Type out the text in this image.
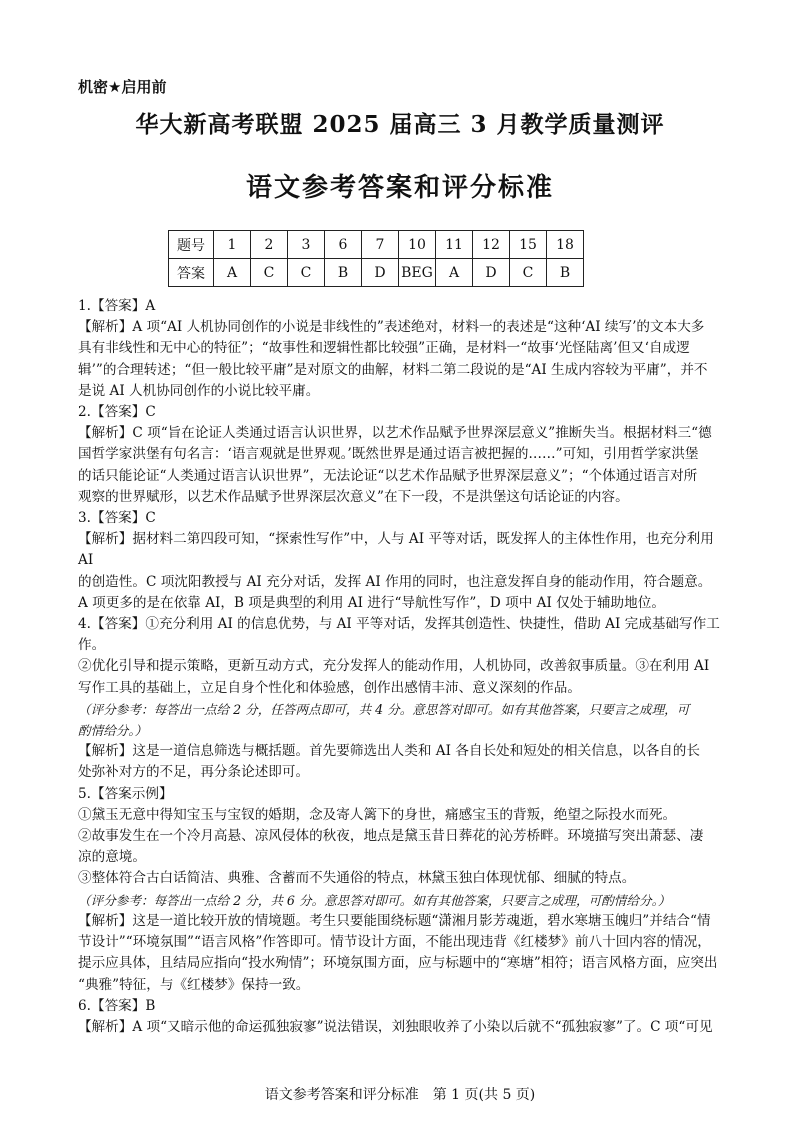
机密★启用前
华大新高考联盟 2025 届高三 3 月教学质量测评
语文参考答案和评分标准
题号	1	2	3	6	7	10	11	12	15	18
答案	A	C	C	B	D	BEG	A	D	C	B

1.【答案】A

【解析】A 项“AI 人机协同创作的小说是非线性的”表述绝对，材料一的表述是“这种‘AI 续写’的文本大多

具有非线性和无中心的特征”；“故事性和逻辑性都比较强”正确，是材料一“故事‘光怪陆离’但又‘自成逻

辑’”的合理转述；“但一般比较平庸”是对原文的曲解，材料二第二段说的是“AI 生成内容较为平庸”，并不

是说 AI 人机协同创作的小说比较平庸。

2.【答案】C

【解析】C 项“旨在论证人类通过语言认识世界，以艺术作品赋予世界深层意义”推断失当。根据材料三“德

国哲学家洪堡有句名言：‘语言观就是世界观。’既然世界是通过语言被把握的……”可知，引用哲学家洪堡

的话只能论证“人类通过语言认识世界”，无法论证“以艺术作品赋予世界深层意义”；“个体通过语言对所

观察的世界赋形，以艺术作品赋予世界深层次意义”在下一段，不是洪堡这句话论证的内容。

3.【答案】C

【解析】据材料二第四段可知，“探索性写作”中，人与 AI 平等对话，既发挥人的主体性作用，也充分利用 AI

的创造性。C 项沈阳教授与 AI 充分对话，发挥 AI 作用的同时，也注意发挥自身的能动作用，符合题意。

A 项更多的是在依靠 AI，B 项是典型的利用 AI 进行“导航性写作”，D 项中 AI 仅处于辅助地位。

4.【答案】①充分利用 AI 的信息优势，与 AI 平等对话，发挥其创造性、快捷性，借助 AI 完成基础写作工作。

②优化引导和提示策略，更新互动方式，充分发挥人的能动作用，人机协同，改善叙事质量。③在利用 AI

写作工具的基础上，立足自身个性化和体验感，创作出感情丰沛、意义深刻的作品。

（评分参考：每答出一点给 2 分，任答两点即可，共 4 分。意思答对即可。如有其他答案，只要言之成理，可

酌情给分。）

【解析】这是一道信息筛选与概括题。首先要筛选出人类和 AI 各自长处和短处的相关信息，以各自的长

处弥补对方的不足，再分条论述即可。

5.【答案示例】

①黛玉无意中得知宝玉与宝钗的婚期，念及寄人篱下的身世，痛感宝玉的背叛，绝望之际投水而死。

②故事发生在一个冷月高悬、凉风侵体的秋夜，地点是黛玉昔日葬花的沁芳桥畔。环境描写突出萧瑟、凄

凉的意境。

③整体符合古白话简洁、典雅、含蓄而不失通俗的特点，林黛玉独白体现忧郁、细腻的特点。

（评分参考：每答出一点给 2 分，共 6 分。意思答对即可。如有其他答案，只要言之成理，可酌情给分。）

【解析】这是一道比较开放的情境题。考生只要能围绕标题“潇湘月影芳魂逝，碧水寒塘玉魄归”并结合“情

节设计”“环境氛围”“语言风格”作答即可。情节设计方面，不能出现违背《红楼梦》前八十回内容的情况，

提示应具体，且结局应指向“投水殉情”；环境氛围方面，应与标题中的“寒塘”相符；语言风格方面，应突出

“典雅”特征，与《红楼梦》保持一致。

6.【答案】B

【解析】A 项“又暗示他的命运孤独寂寥”说法错误，刘独眼收养了小染以后就不“孤独寂寥”了。C 项“可见

语文参考答案和评分标准　第 1 页(共 5 页)
